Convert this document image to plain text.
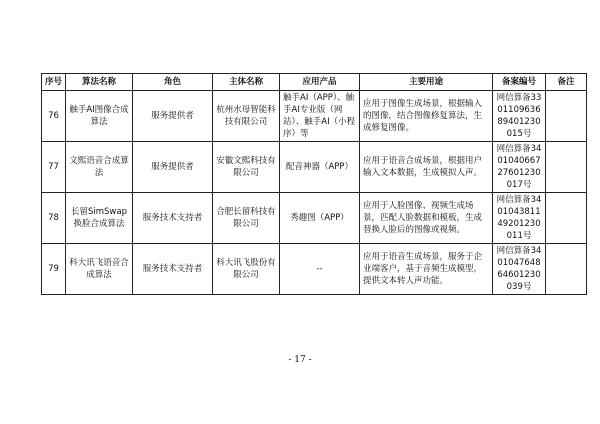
序号	算法名称	角色	主体名称	应用产品	主要用途	备案编号	备注
76	触手AI图像合成算法	服务提供者	杭州水母智能科技有限公司	触手AI（APP）、触手AI专业版（网站）、触手AI（小程序）等	应用于图像生成场景，根据输入的图像，结合图像修复算法，生成修复图像。	网信算备330110963689401230015号	
77	文熙语音合成算法	服务提供者	安徽文熙科技有限公司	配音神器（APP）	应用于语音合成场景，根据用户输入文本数据，生成模拟人声。	网信算备340104066727601230017号	
78	长留SimSwap换脸合成算法	服务技术支持者	合肥长留科技有限公司	秀趣图（APP）	应用于人脸图像、视频生成场景，匹配人脸数据和模板，生成替换人脸后的图像或视频。	网信算备340104381149201230011号	
79	科大讯飞语音合成算法	服务技术支持者	科大讯飞股份有限公司	--	应用于语音生成场景，服务于企业端客户，基于音频生成模型，提供文本转人声功能。	网信算备340104764864601230039号	
- 17 -
